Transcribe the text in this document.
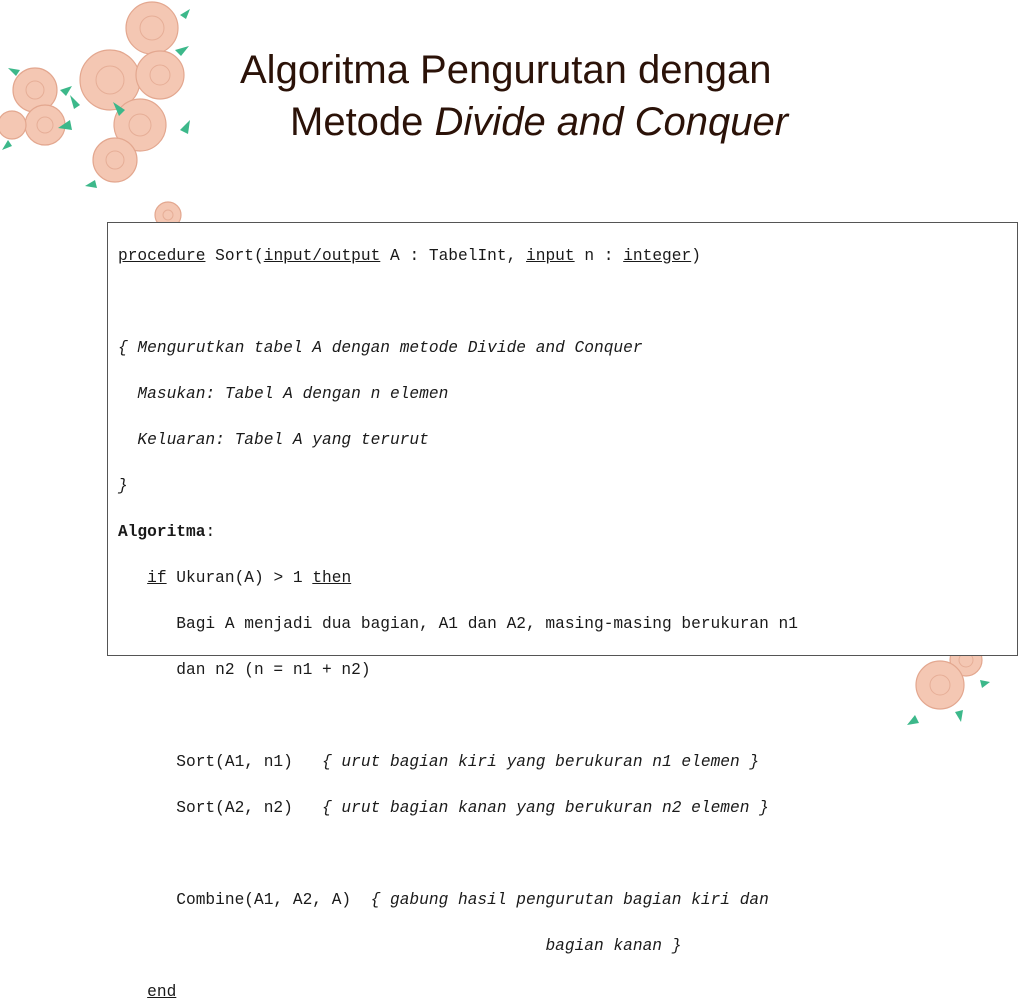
Algoritma Pengurutan dengan
Metode Divide and Conquer
procedure Sort(input/output A : TabelInt, input n : integer)

{ Mengurutkan tabel A dengan metode Divide and Conquer

Masukan: Tabel A dengan n elemen

Keluaran: Tabel A yang terurut

}

Algoritma:

if Ukuran(A) > 1 then

Bagi A menjadi dua bagian, A1 dan A2, masing-masing berukuran n1

dan n2 (n = n1 + n2)

Sort(A1, n1)   { urut bagian kiri yang berukuran n1 elemen }

Sort(A2, n2)   { urut bagian kanan yang berukuran n2 elemen }

Combine(A1, A2, A)  { gabung hasil pengurutan bagian kiri dan

bagian kanan }

end
